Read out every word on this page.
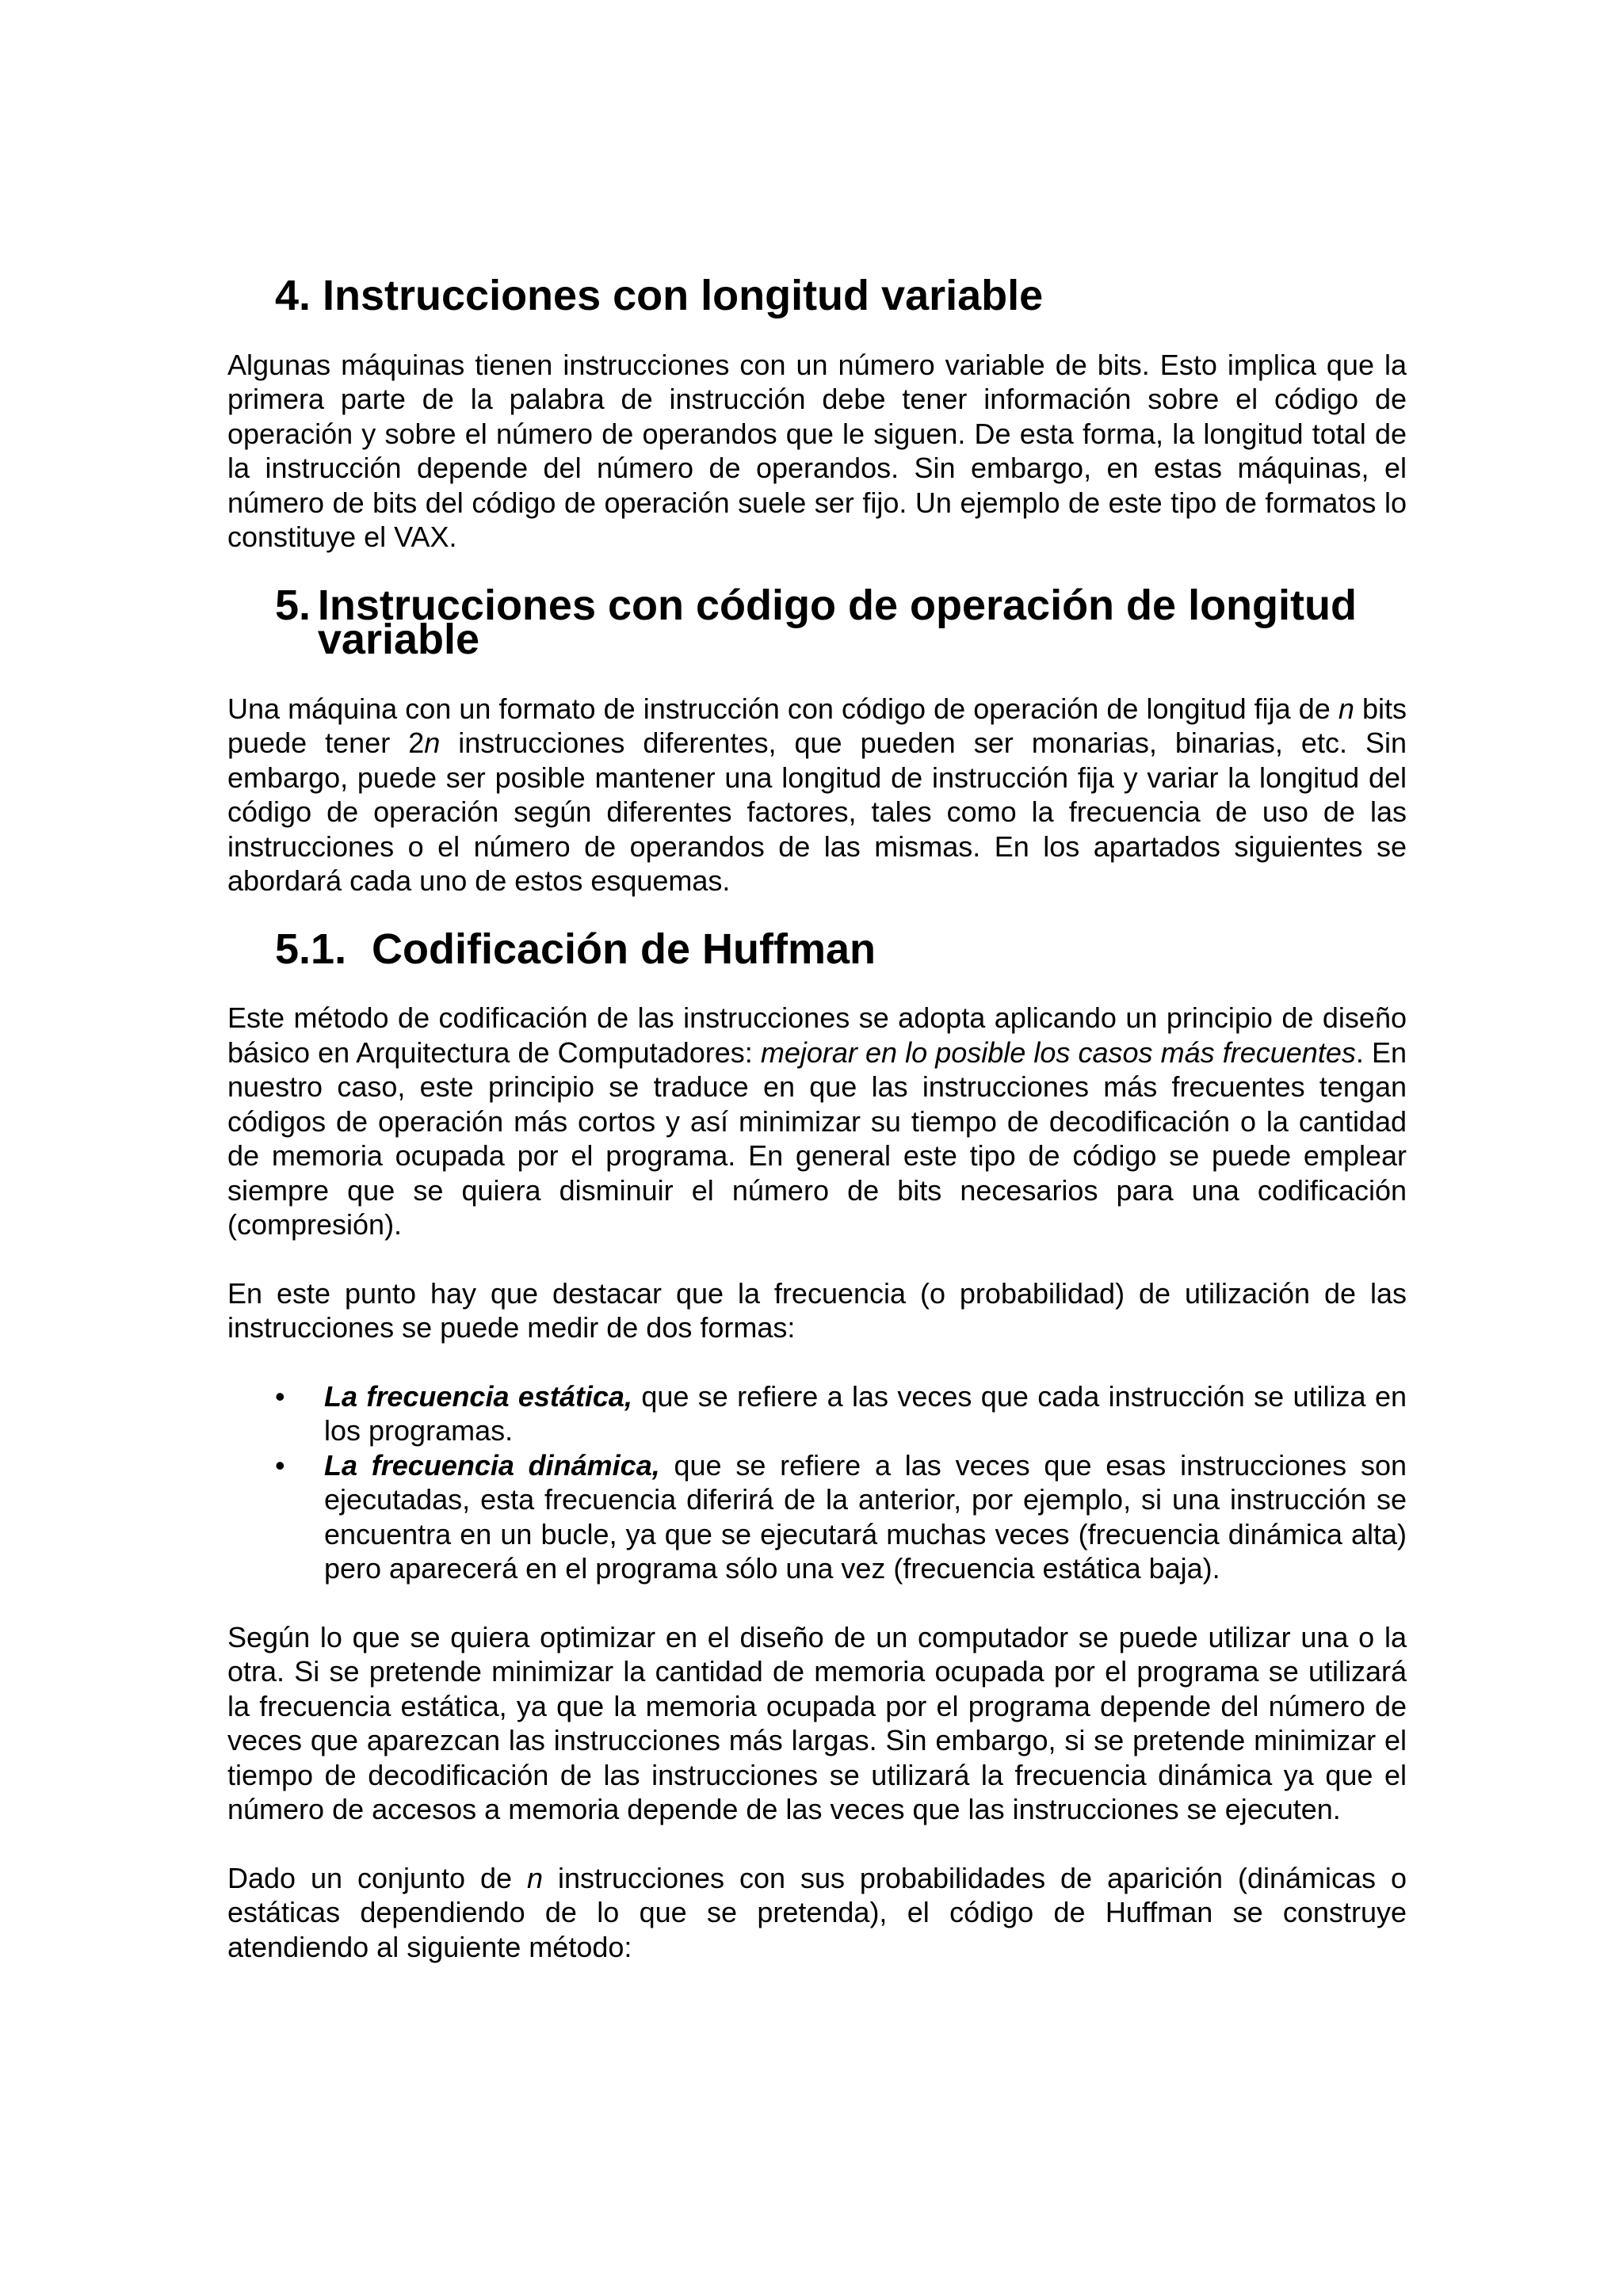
4. Instrucciones con longitud variable

Algunas máquinas tienen instrucciones con un número variable de bits. Esto implica que la primera parte de la palabra de instrucción debe tener información sobre el código de operación y sobre el número de operandos que le siguen. De esta forma, la longitud total de la instrucción depende del número de operandos. Sin embargo, en estas máquinas, el número de bits del código de operación suele ser fijo. Un ejemplo de este tipo de formatos lo constituye el VAX.

5. Instrucciones con código de operación de longitud variable

Una máquina con un formato de instrucción con código de operación de longitud fija de n bits puede tener 2n instrucciones diferentes, que pueden ser monarias, binarias, etc. Sin embargo, puede ser posible mantener una longitud de instrucción fija y variar la longitud del código de operación según diferentes factores, tales como la frecuencia de uso de las instrucciones o el número de operandos de las mismas. En los apartados siguientes se abordará cada uno de estos esquemas.

5.1. Codificación de Huffman

Este método de codificación de las instrucciones se adopta aplicando un principio de diseño básico en Arquitectura de Computadores: mejorar en lo posible los casos más frecuentes. En nuestro caso, este principio se traduce en que las instrucciones más frecuentes tengan códigos de operación más cortos y así minimizar su tiempo de decodificación o la cantidad de memoria ocupada por el programa. En general este tipo de código se puede emplear siempre que se quiera disminuir el número de bits necesarios para una codificación (compresión).

En este punto hay que destacar que la frecuencia (o probabilidad) de utilización de las instrucciones se puede medir de dos formas:

• La frecuencia estática, que se refiere a las veces que cada instrucción se utiliza en los programas.
• La frecuencia dinámica, que se refiere a las veces que esas instrucciones son ejecutadas, esta frecuencia diferirá de la anterior, por ejemplo, si una instrucción se encuentra en un bucle, ya que se ejecutará muchas veces (frecuencia dinámica alta) pero aparecerá en el programa sólo una vez (frecuencia estática baja).

Según lo que se quiera optimizar en el diseño de un computador se puede utilizar una o la otra. Si se pretende minimizar la cantidad de memoria ocupada por el programa se utilizará la frecuencia estática, ya que la memoria ocupada por el programa depende del número de veces que aparezcan las instrucciones más largas. Sin embargo, si se pretende minimizar el tiempo de decodificación de las instrucciones se utilizará la frecuencia dinámica ya que el número de accesos a memoria depende de las veces que las instrucciones se ejecuten.

Dado un conjunto de n instrucciones con sus probabilidades de aparición (dinámicas o estáticas dependiendo de lo que se pretenda), el código de Huffman se construye atendiendo al siguiente método:
